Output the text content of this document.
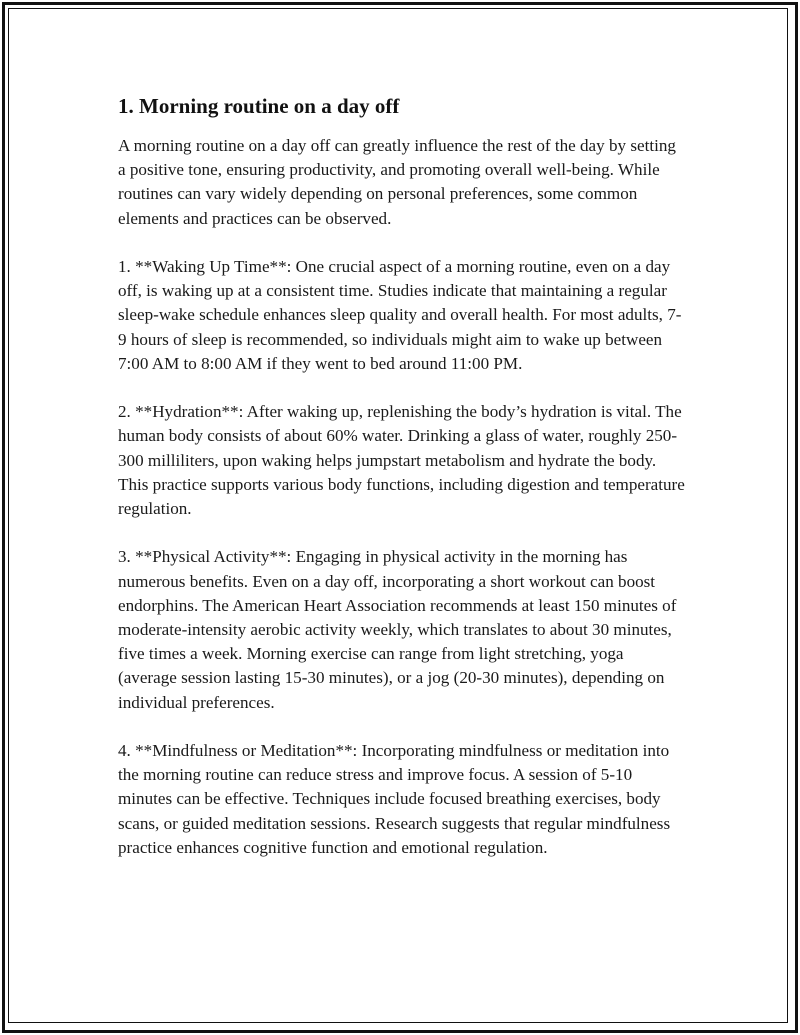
1. Morning routine on a day off

A morning routine on a day off can greatly influence the rest of the day by setting a positive tone, ensuring productivity, and promoting overall well-being. While routines can vary widely depending on personal preferences, some common elements and practices can be observed.

1. **Waking Up Time**: One crucial aspect of a morning routine, even on a day off, is waking up at a consistent time. Studies indicate that maintaining a regular sleep-wake schedule enhances sleep quality and overall health. For most adults, 7-9 hours of sleep is recommended, so individuals might aim to wake up between 7:00 AM to 8:00 AM if they went to bed around 11:00 PM.

2. **Hydration**: After waking up, replenishing the body’s hydration is vital. The human body consists of about 60% water. Drinking a glass of water, roughly 250-300 milliliters, upon waking helps jumpstart metabolism and hydrate the body. This practice supports various body functions, including digestion and temperature regulation.

3. **Physical Activity**: Engaging in physical activity in the morning has numerous benefits. Even on a day off, incorporating a short workout can boost endorphins. The American Heart Association recommends at least 150 minutes of moderate-intensity aerobic activity weekly, which translates to about 30 minutes, five times a week. Morning exercise can range from light stretching, yoga (average session lasting 15-30 minutes), or a jog (20-30 minutes), depending on individual preferences.

4. **Mindfulness or Meditation**: Incorporating mindfulness or meditation into the morning routine can reduce stress and improve focus. A session of 5-10 minutes can be effective. Techniques include focused breathing exercises, body scans, or guided meditation sessions. Research suggests that regular mindfulness practice enhances cognitive function and emotional regulation.
